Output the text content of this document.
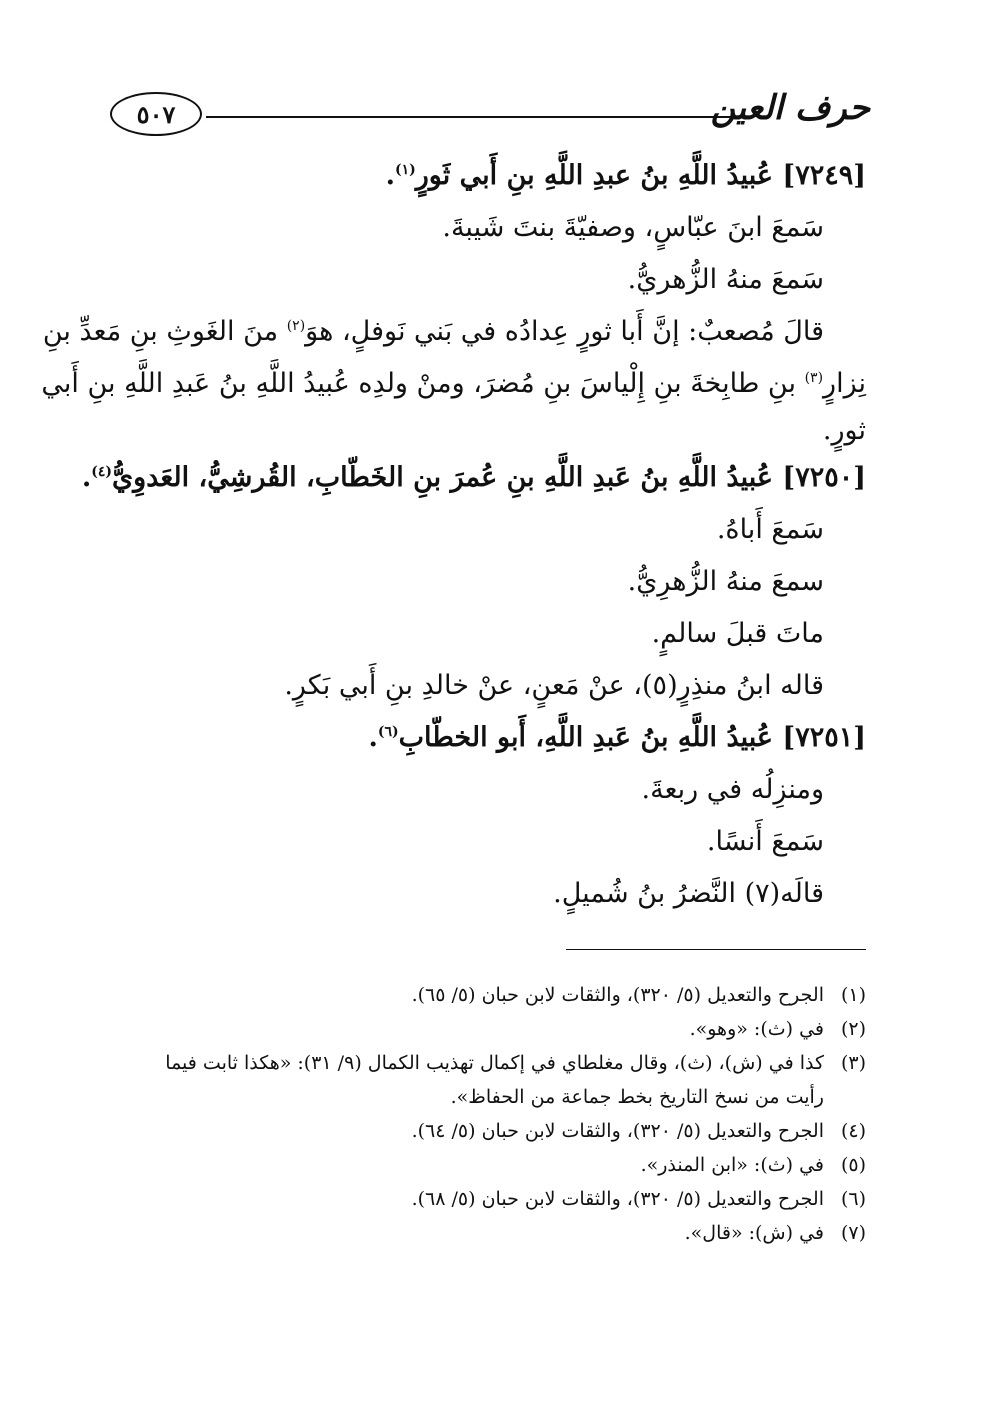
حرف العين
٥٠٧
[٧٢٤٩] عُبيدُ اللَّهِ بنُ عبدِ اللَّهِ بنِ أَبي ثَورٍ$^{(١)}$.
سَمعَ ابنَ عبّاسٍ، وصفيّةَ بنتَ شَيبةَ.
سَمعَ منهُ الزُّهريُّ.
قالَ مُصعبٌ: إنَّ أَبا ثورٍ عِدادُه في بَني نَوفلٍ، هوَ$^{(٢)}$ منَ الغَوثِ بنِ مَعدِّ بنِ
نِزارٍ$^{(٣)}$ بنِ طابِخةَ بنِ إِلْياسَ بنِ مُضرَ، ومنْ ولدِه عُبيدُ اللَّهِ بنُ عَبدِ اللَّهِ بنِ أَبي
ثورٍ.
[٧٢٥٠] عُبيدُ اللَّهِ بنُ عَبدِ اللَّهِ بنِ عُمرَ بنِ الخَطّابِ، القُرشِيُّ، العَدوِيُّ$^{(٤)}$.
سَمعَ أَباهُ.
سمعَ منهُ الزُّهرِيُّ.
ماتَ قبلَ سالمٍ.
قاله ابنُ منذِرٍ(٥)، عنْ مَعنٍ، عنْ خالدِ بنِ أَبي بَكرٍ.
[٧٢٥١] عُبيدُ اللَّهِ بنُ عَبدِ اللَّهِ، أَبو الخطّابِ$^{(٦)}$.
ومنزِلُه في ربعةَ.
سَمعَ أَنسًا.
قالَه(٧) النَّضرُ بنُ شُميلٍ.
(١)
الجرح والتعديل (٥/ ٣٢٠)، والثقات لابن حبان (٥/ ٦٥).
(٢)
في (ث): «وهو».
(٣)
كذا في (ش)، (ث)، وقال مغلطاي في إكمال تهذيب الكمال (٩/ ٣١): «هكذا ثابت فيما
رأيت من نسخ التاريخ بخط جماعة من الحفاظ».
(٤)
الجرح والتعديل (٥/ ٣٢٠)، والثقات لابن حبان (٥/ ٦٤).
(٥)
في (ث): «ابن المنذر».
(٦)
الجرح والتعديل (٥/ ٣٢٠)، والثقات لابن حبان (٥/ ٦٨).
(٧)
في (ش): «قال».
